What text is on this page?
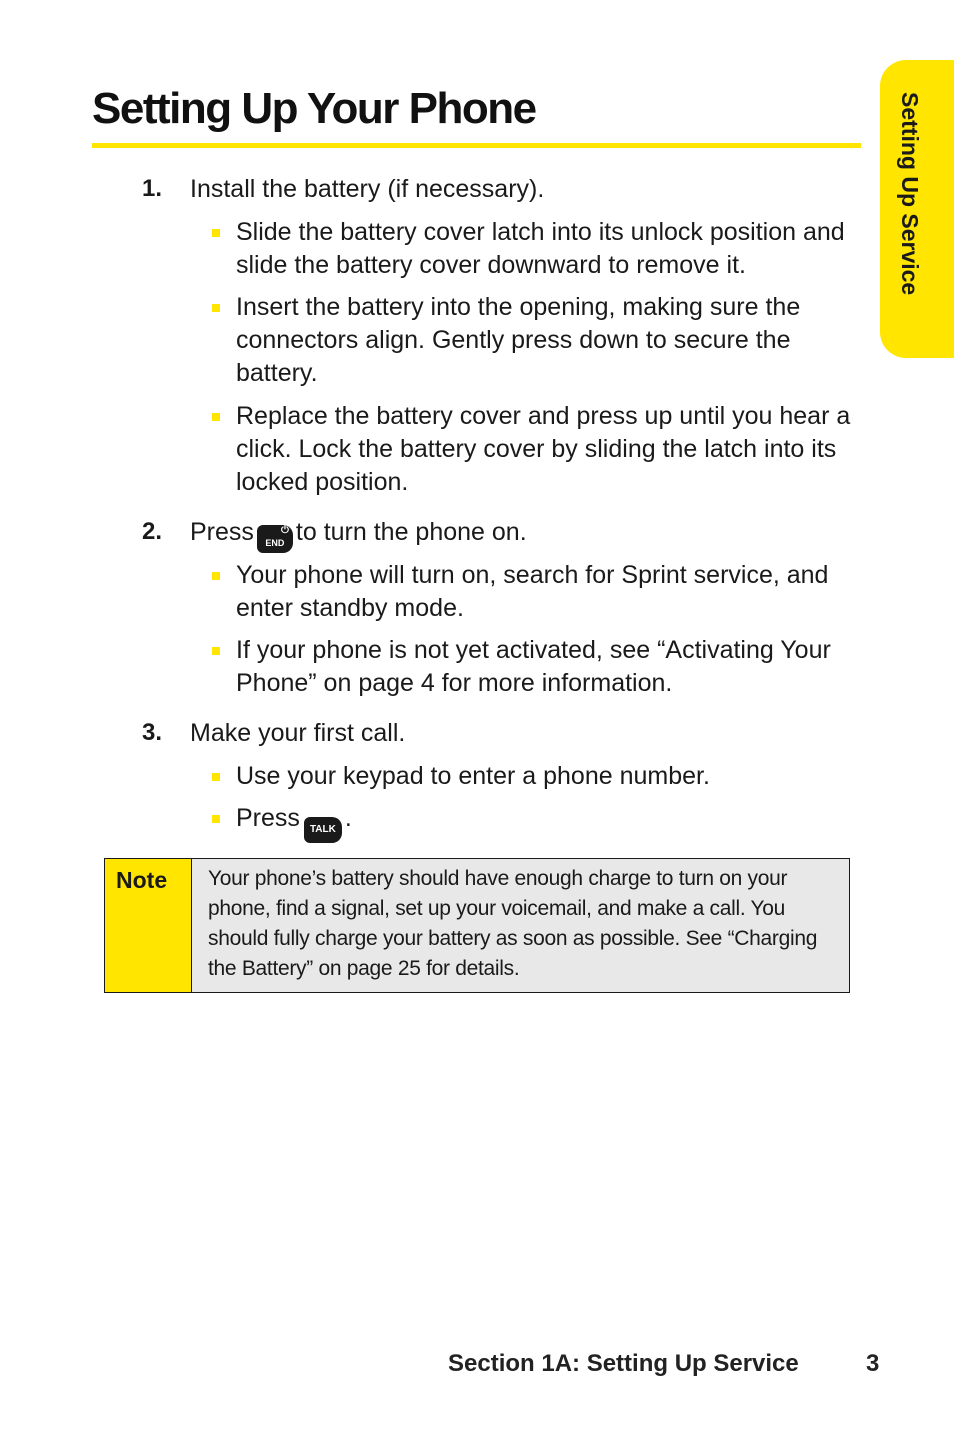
Setting Up Your Phone	Setting Up Service
1. Install the battery (if necessary).
Slide the battery cover latch into its unlock position and slide the battery cover downward to remove it.
Insert the battery into the opening, making sure the connectors align. Gently press down to secure the battery.
Replace the battery cover and press up until you hear a click. Lock the battery cover by sliding the latch into its locked position.
2. Press	⏻
END to turn the phone on.
Your phone will turn on, search for Sprint service, and enter standby mode.
If your phone is not yet activated, see “Activating Your Phone” on page 4 for more information.
3. Make your first call.
Use your keypad to enter a phone number.
Press TALK .
Note Your phone’s battery should have enough charge to turn on your phone, find a signal, set up your voicemail, and make a call. You should fully charge your battery as soon as possible. See “Charging the Battery” on page 25 for details.
Section 1A: Setting Up Service	3
